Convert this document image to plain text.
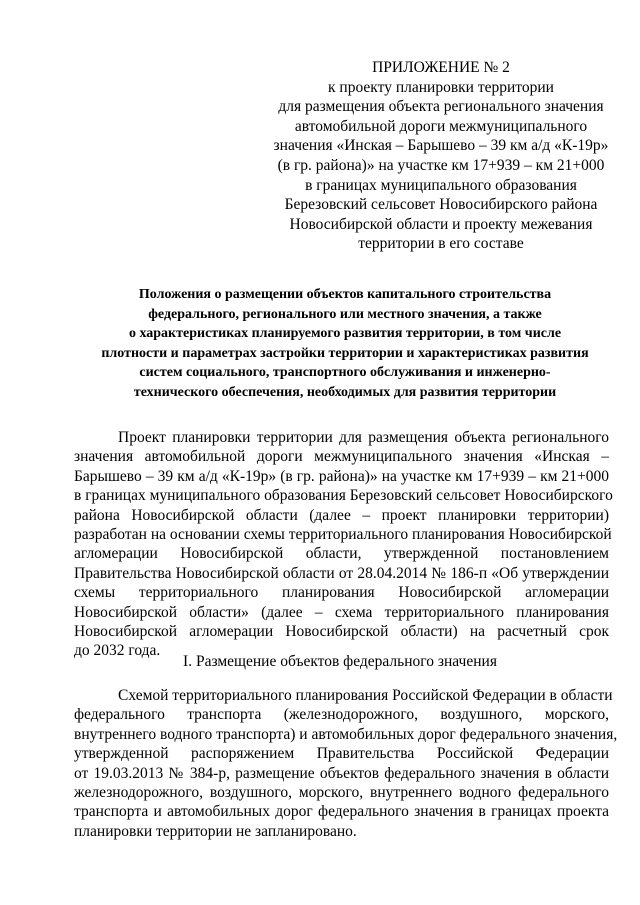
ПРИЛОЖЕНИЕ № 2
к проекту планировки территории
для размещения объекта регионального значения
автомобильной дороги межмуниципального
значения «Инская – Барышево – 39 км а/д «К-19р»
(в гр. района)» на участке км 17+939 – км 21+000
в границах муниципального образования
Березовский сельсовет Новосибирского района
Новосибирской области и проекту межевания
территории в его составе
Положения о размещении объектов капитального строительства
федерального, регионального или местного значения, а также
о характеристиках планируемого развития территории, в том числе
плотности и параметрах застройки территории и характеристиках развития
систем социального, транспортного обслуживания и инженерно-
технического обеспечения, необходимых для развития территории
Проект планировки территории для размещения объекта регионального
значения автомобильной дороги межмуниципального значения «Инская –
Барышево – 39 км а/д «К-19р» (в гр. района)» на участке км 17+939 – км 21+000
в границах муниципального образования Березовский сельсовет Новосибирского
района Новосибирской области (далее – проект планировки территории)
разработан на основании схемы территориального планирования Новосибирской
агломерации Новосибирской области, утвержденной постановлением
Правительства Новосибирской области от 28.04.2014 № 186-п «Об утверждении
схемы территориального планирования Новосибирской агломерации
Новосибирской области» (далее – схема территориального планирования
Новосибирской агломерации Новосибирской области) на расчетный срок
до 2032 года.
I. Размещение объектов федерального значения
Схемой территориального планирования Российской Федерации в области
федерального транспорта (железнодорожного, воздушного, морского,
внутреннего водного транспорта) и автомобильных дорог федерального значения,
утвержденной распоряжением Правительства Российской Федерации
от 19.03.2013 № 384-р, размещение объектов федерального значения в области
железнодорожного, воздушного, морского, внутреннего водного федерального
транспорта и автомобильных дорог федерального значения в границах проекта
планировки территории не запланировано.
